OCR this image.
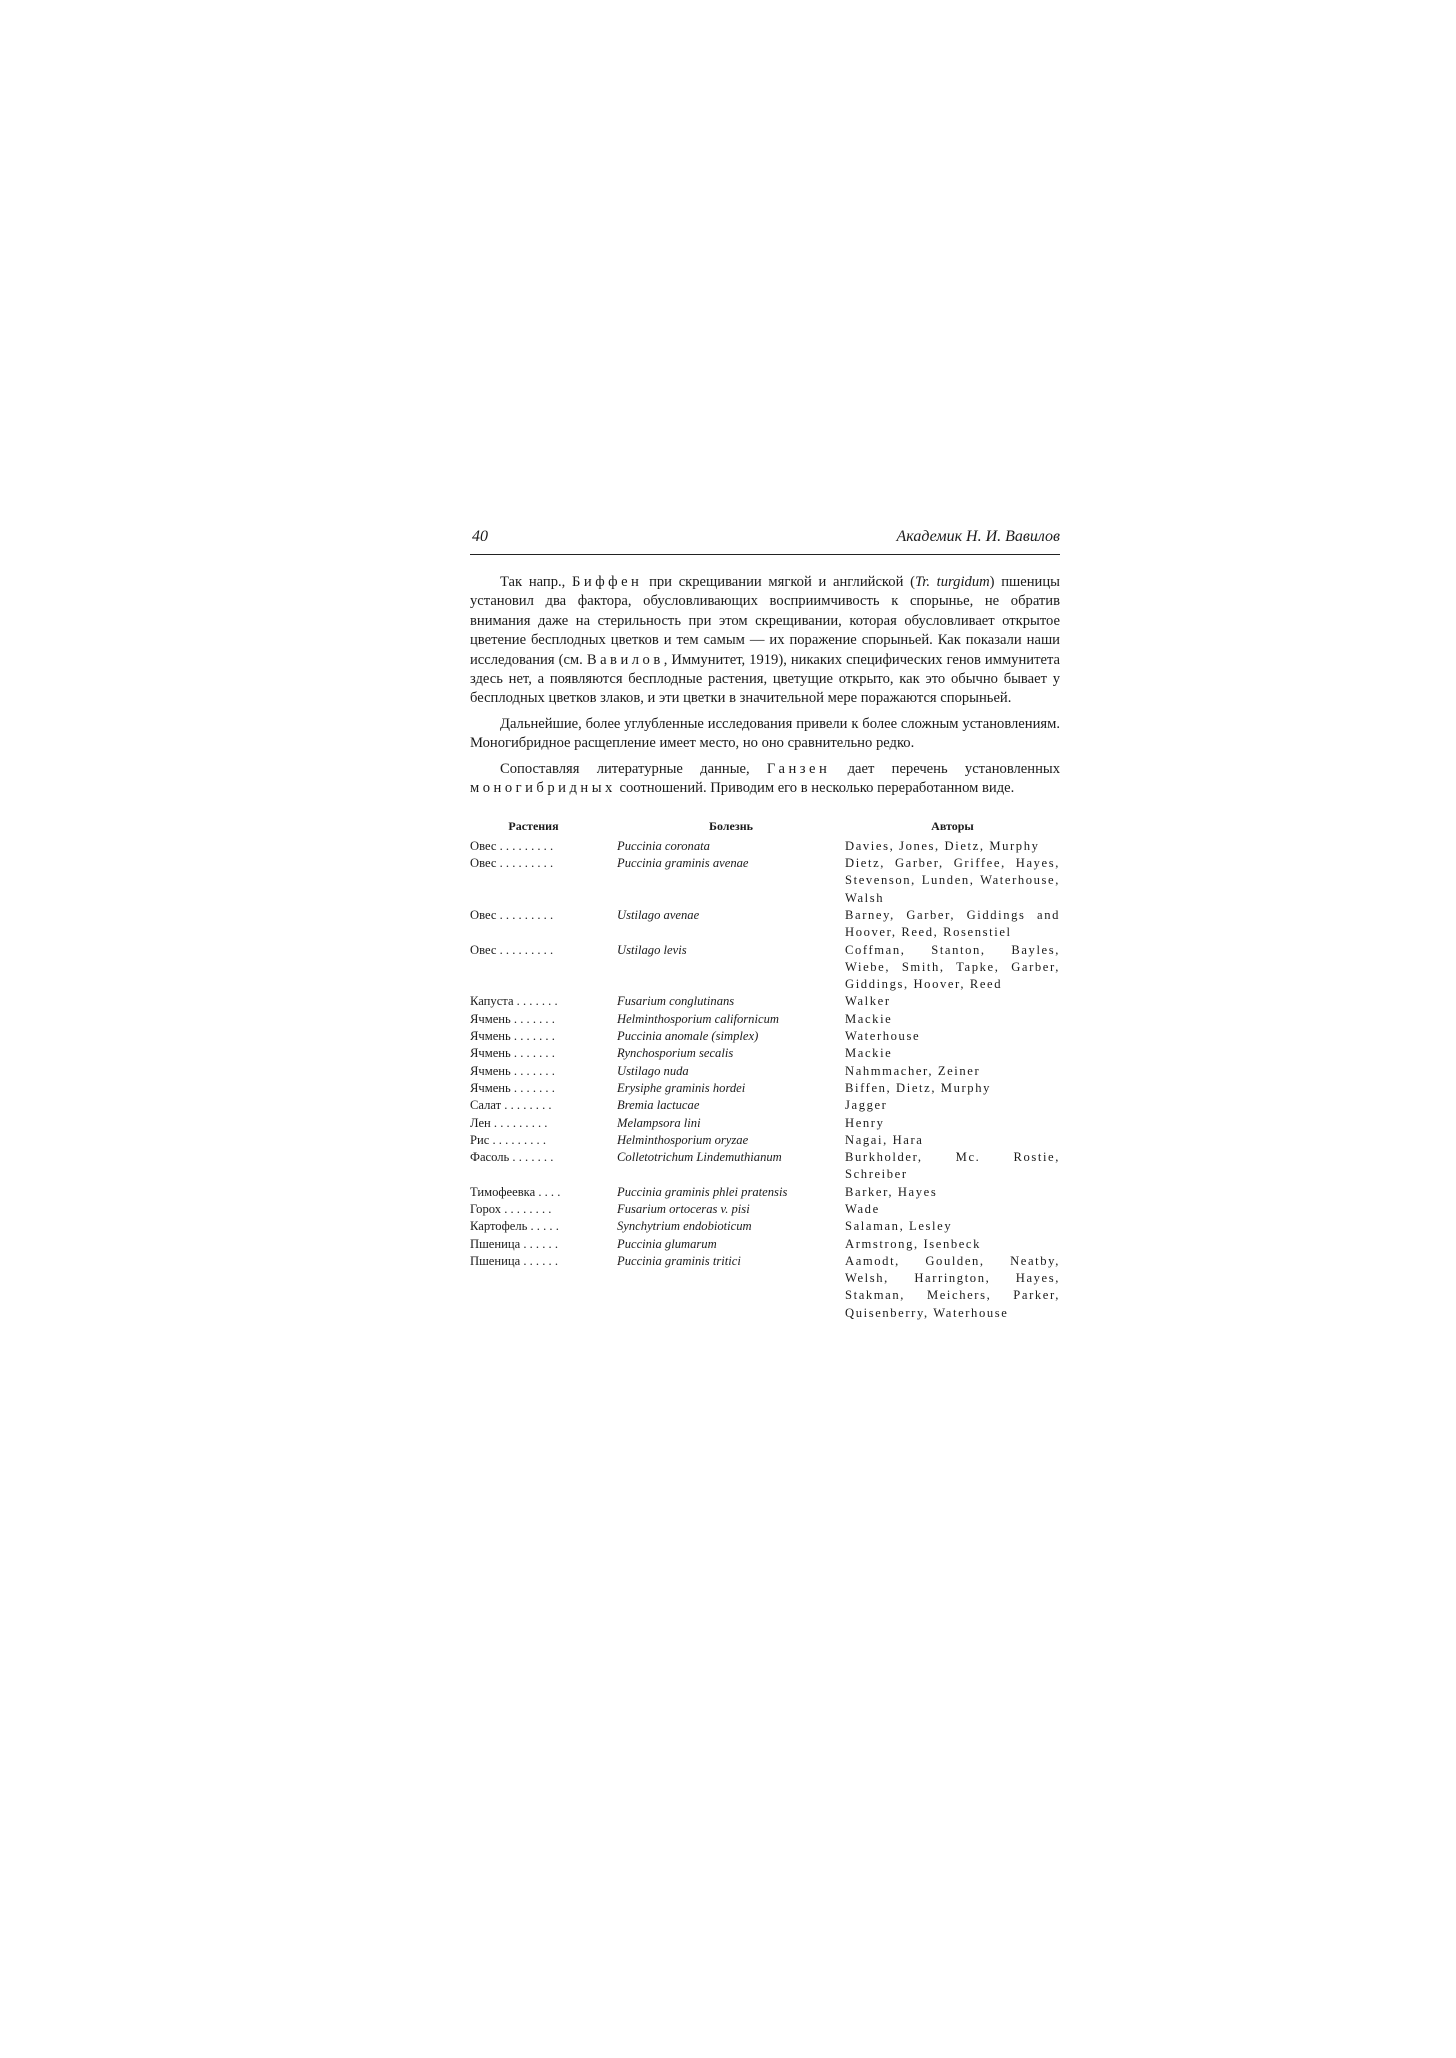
40	Академик Н. И. Вавилов

Так напр., Биффен при скрещивании мягкой и английской (Tr. turgidum) пшеницы установил два фактора, обусловливающих восприимчивость к спорынье, не обратив внимания даже на стерильность при этом скрещивании, которая обусловливает открытое цветение бесплодных цветков и тем самым — их поражение спорыньей. Как показали наши исследования (см. Вавилов, Иммунитет, 1919), никаких специфических генов иммунитета здесь нет, а появляются бесплодные растения, цветущие открыто, как это обычно бывает у бесплодных цветков злаков, и эти цветки в значительной мере поражаются спорыньей.

Дальнейшие, более углубленные исследования привели к более сложным установлениям. Моногибридное расщепление имеет место, но оно сравнительно редко.

Сопоставляя литературные данные, Ганзен дает перечень установленных моногибридных соотношений. Приводим его в несколько переработанном виде.

Растения	Болезнь	Авторы
Овес . . . . . . . . .	Puccinia coronata	Davies, Jones, Dietz, Murphy
Овес . . . . . . . . .	Puccinia graminis avenae	Dietz, Garber, Griffee, Hayes, Stevenson, Lunden, Waterhouse, Walsh
Овес . . . . . . . . .	Ustilago avenae	Barney, Garber, Giddings and Hoover, Reed, Rosenstiel
Овес . . . . . . . . .	Ustilago levis	Coffman, Stanton, Bayles, Wiebe, Smith, Tapke, Garber, Giddings, Hoover, Reed
Капуста . . . . . . .	Fusarium conglutinans	Walker
Ячмень . . . . . . .	Helminthosporium californicum	Mackie
Ячмень . . . . . . .	Puccinia anomale (simplex)	Waterhouse
Ячмень . . . . . . .	Rynchosporium secalis	Mackie
Ячмень . . . . . . .	Ustilago nuda	Nahmmacher, Zeiner
Ячмень . . . . . . .	Erysiphe graminis hordei	Biffen, Dietz, Murphy
Салат . . . . . . . .	Bremia lactucae	Jagger
Лен . . . . . . . . .	Melampsora lini	Henry
Рис . . . . . . . . .	Helminthosporium oryzae	Nagai, Hara
Фасоль . . . . . . .	Colletotrichum Lindemuthianum	Burkholder, Mc. Rostie, Schreiber
Тимофеевка . . . .	Puccinia graminis phlei pratensis	Barker, Hayes
Горох . . . . . . . .	Fusarium ortoceras v. pisi	Wade
Картофель . . . . .	Synchytrium endobioticum	Salaman, Lesley
Пшеница . . . . . .	Puccinia glumarum	Armstrong, Isenbeck
Пшеница . . . . . .	Puccinia graminis tritici	Aamodt, Goulden, Neatby, Welsh, Harrington, Hayes, Stakman, Meichers, Parker, Quisenberry, Waterhouse
